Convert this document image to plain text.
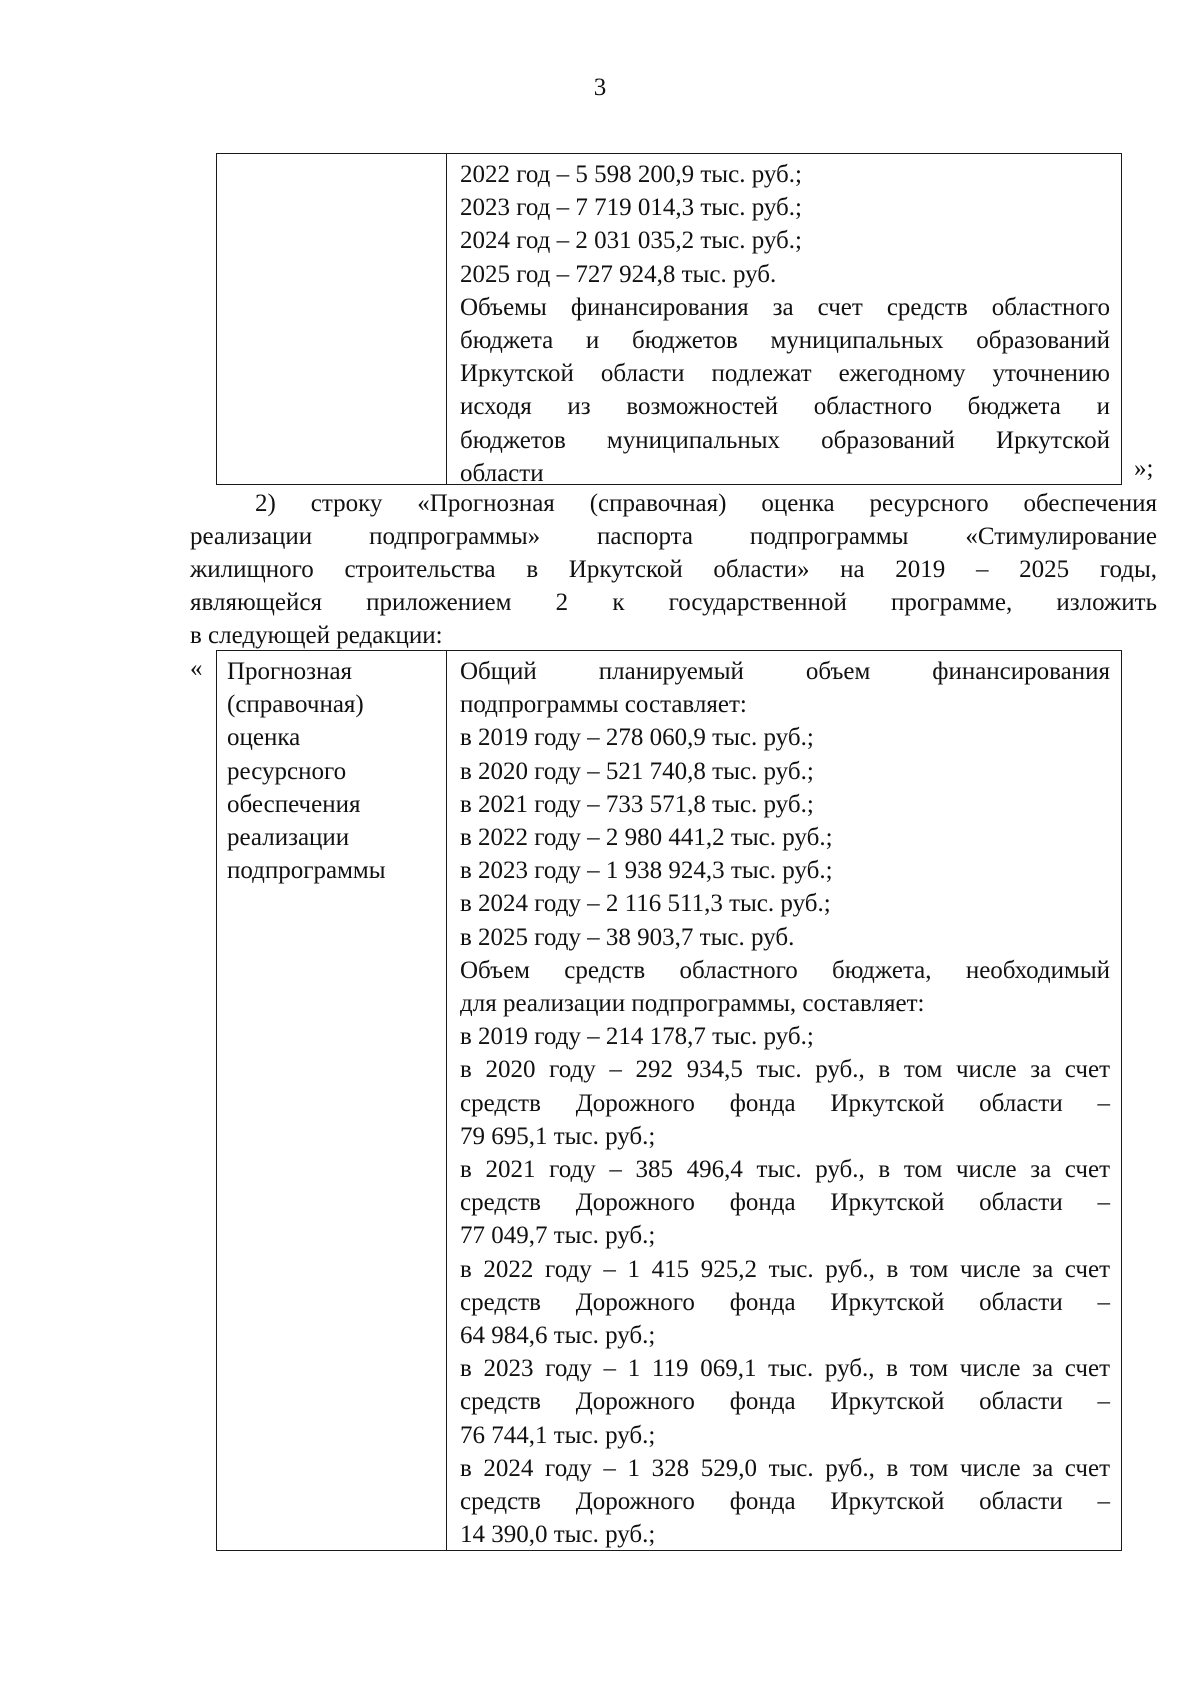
3
2022 год – 5 598 200,9 тыс. руб.;
2023 год – 7 719 014,3 тыс. руб.;
2024 год – 2 031 035,2 тыс. руб.;
2025 год – 727 924,8 тыс. руб.
Объемы финансирования за счет средств областного
бюджета и бюджетов муниципальных образований
Иркутской области подлежат ежегодному уточнению
исходя из возможностей областного бюджета и
бюджетов муниципальных образований Иркутской
области	»;
2) строку «Прогнозная (справочная) оценка ресурсного обеспечения
реализации подпрограммы» паспорта подпрограммы «Стимулирование
жилищного строительства в Иркутской области» на 2019 – 2025 годы,
являющейся приложением 2 к государственной программе, изложить
в следующей редакции:
« Прогнозная
(справочная)
оценка
ресурсного
обеспечения
реализации
подпрограммы
Общий планируемый объем финансирования
подпрограммы составляет:
в 2019 году – 278 060,9 тыс. руб.;
в 2020 году – 521 740,8 тыс. руб.;
в 2021 году – 733 571,8 тыс. руб.;
в 2022 году – 2 980 441,2 тыс. руб.;
в 2023 году – 1 938 924,3 тыс. руб.;
в 2024 году – 2 116 511,3 тыс. руб.;
в 2025 году – 38 903,7 тыс. руб.
Объем средств областного бюджета, необходимый
для реализации подпрограммы, составляет:
в 2019 году – 214 178,7 тыс. руб.;
в 2020 году – 292 934,5 тыс. руб., в том числе за счет
средств Дорожного фонда Иркутской области –
79 695,1 тыс. руб.;
в 2021 году – 385 496,4 тыс. руб., в том числе за счет
средств Дорожного фонда Иркутской области –
77 049,7 тыс. руб.;
в 2022 году – 1 415 925,2 тыс. руб., в том числе за счет
средств Дорожного фонда Иркутской области –
64 984,6 тыс. руб.;
в 2023 году – 1 119 069,1 тыс. руб., в том числе за счет
средств Дорожного фонда Иркутской области –
76 744,1 тыс. руб.;
в 2024 году – 1 328 529,0 тыс. руб., в том числе за счет
средств Дорожного фонда Иркутской области –
14 390,0 тыс. руб.;
